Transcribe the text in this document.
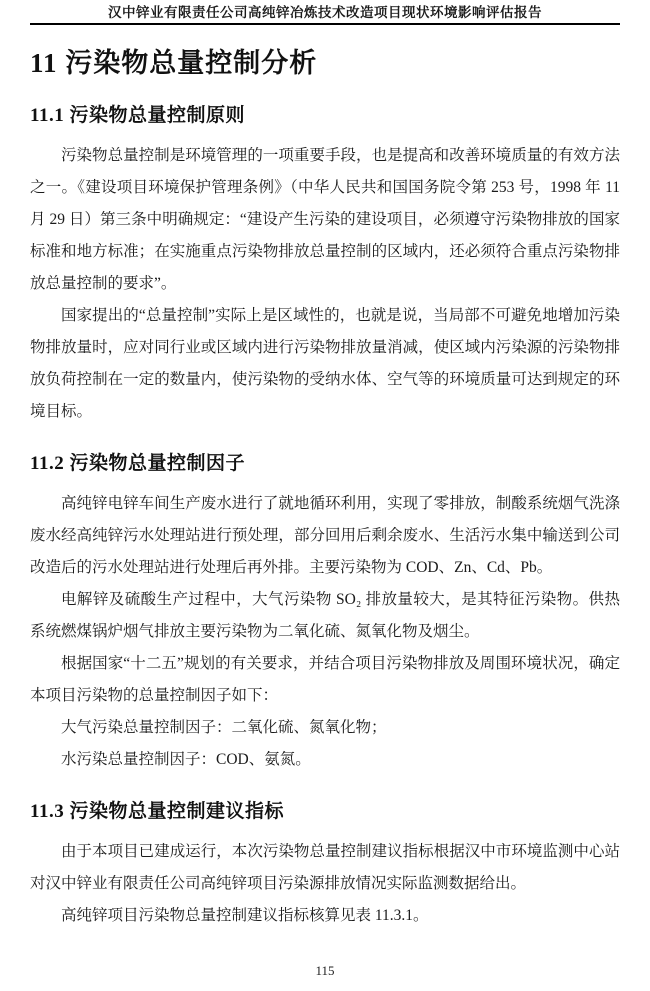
汉中锌业有限责任公司高纯锌冶炼技术改造项目现状环境影响评估报告
11 污染物总量控制分析
11.1 污染物总量控制原则

污染物总量控制是环境管理的一项重要手段，也是提高和改善环境质量的有效方法之一。《建设项目环境保护管理条例》（中华人民共和国国务院令第 253 号，1998 年 11 月 29 日）第三条中明确规定：“建设产生污染的建设项目，必须遵守污染物排放的国家标准和地方标准；在实施重点污染物排放总量控制的区域内，还必须符合重点污染物排放总量控制的要求”。

国家提出的“总量控制”实际上是区域性的，也就是说，当局部不可避免地增加污染物排放量时，应对同行业或区域内进行污染物排放量消减，使区域内污染源的污染物排放负荷控制在一定的数量内，使污染物的受纳水体、空气等的环境质量可达到规定的环境目标。

11.2 污染物总量控制因子

高纯锌电锌车间生产废水进行了就地循环利用，实现了零排放，制酸系统烟气洗涤废水经高纯锌污水处理站进行预处理，部分回用后剩余废水、生活污水集中输送到公司改造后的污水处理站进行处理后再外排。主要污染物为 COD、Zn、Cd、Pb。

电解锌及硫酸生产过程中，大气污染物 SO₂ 排放量较大，是其特征污染物。供热系统燃煤锅炉烟气排放主要污染物为二氧化硫、氮氧化物及烟尘。

根据国家“十二五”规划的有关要求，并结合项目污染物排放及周围环境状况，确定本项目污染物的总量控制因子如下：

大气污染总量控制因子：二氧化硫、氮氧化物；

水污染总量控制因子：COD、氨氮。

11.3 污染物总量控制建议指标

由于本项目已建成运行，本次污染物总量控制建议指标根据汉中市环境监测中心站对汉中锌业有限责任公司高纯锌项目污染源排放情况实际监测数据给出。

高纯锌项目污染物总量控制建议指标核算见表 11.3.1。

115
